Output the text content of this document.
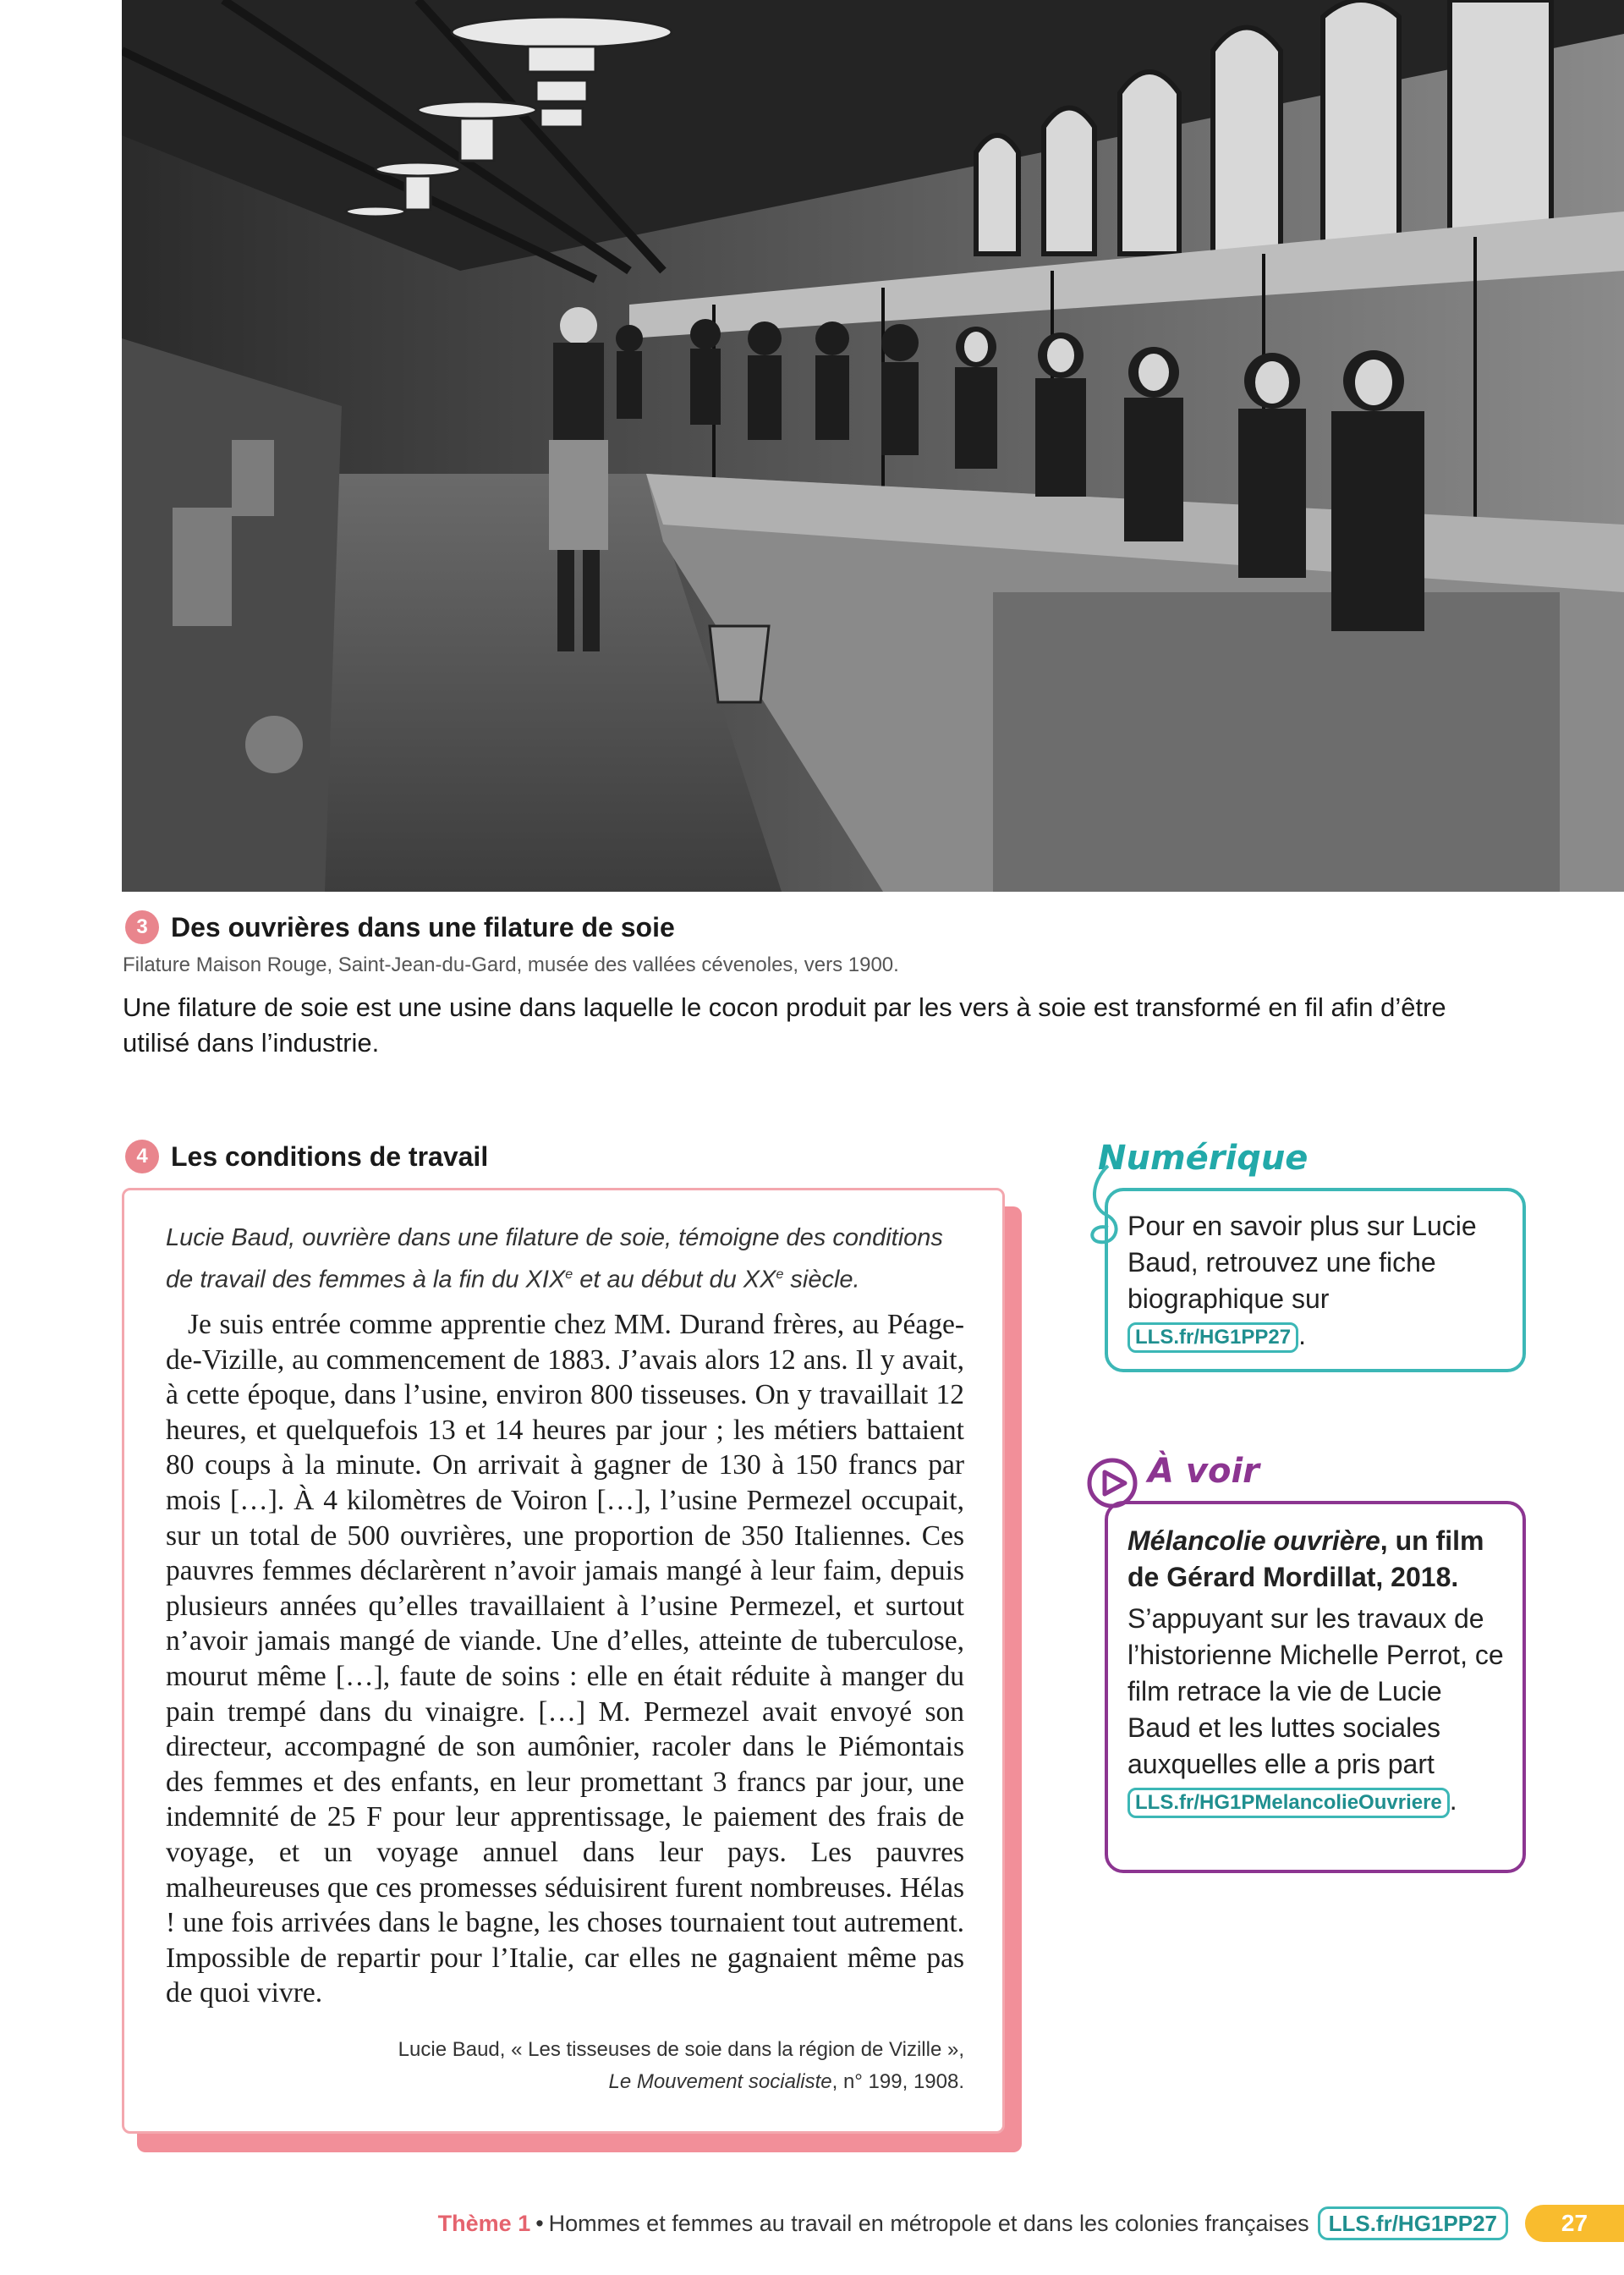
3 Des ouvrières dans une filature de soie
Filature Maison Rouge, Saint-Jean-du-Gard, musée des vallées cévenoles, vers 1900.
Une filature de soie est une usine dans laquelle le cocon produit par les vers à soie est transformé en fil afin d’être utilisé dans l’industrie.
4 Les conditions de travail
Lucie Baud, ouvrière dans une filature de soie, témoigne des conditions de travail des femmes à la fin du XIXe et au début du XXe siècle.

Je suis entrée comme apprentie chez MM. Durand frères, au Péage-de-Vizille, au commencement de 1883. J’avais alors 12 ans. Il y avait, à cette époque, dans l’usine, environ 800 tisseuses. On y travaillait 12 heures, et quelquefois 13 et 14 heures par jour ; les métiers battaient 80 coups à la minute. On arrivait à gagner de 130 à 150 francs par mois […]. À 4 kilomètres de Voiron […], l’usine Permezel occupait, sur un total de 500 ouvrières, une proportion de 350 Italiennes. Ces pauvres femmes déclarèrent n’avoir jamais mangé à leur faim, depuis plusieurs années qu’elles travaillaient à l’usine Permezel, et surtout n’avoir jamais mangé de viande. Une d’elles, atteinte de tuberculose, mourut même […], faute de soins : elle en était réduite à manger du pain trempé dans du vinaigre. […] M. Permezel avait envoyé son directeur, accompagné de son aumônier, racoler dans le Piémontais des femmes et des enfants, en leur promettant 3 francs par jour, une indemnité de 25 F pour leur apprentissage, le paiement des frais de voyage, et un voyage annuel dans leur pays. Les pauvres malheureuses que ces promesses séduisirent furent nombreuses. Hélas ! une fois arrivées dans le bagne, les choses tournaient tout autrement. Impossible de repartir pour l’Italie, car elles ne gagnaient même pas de quoi vivre.

Lucie Baud, « Les tisseuses de soie dans la région de Vizille »,
Le Mouvement socialiste, n° 199, 1908.
Numérique
Pour en savoir plus sur Lucie Baud, retrouvez une fiche biographique sur LLS.fr/HG1PP27 .
À voir
Mélancolie ouvrière, un film de Gérard Mordillat, 2018.
S’appuyant sur les travaux de l’historienne Michelle Perrot, ce film retrace la vie de Lucie Baud et les luttes sociales auxquelles elle a pris part LLS.fr/HG1PMelancolieOuvriere .
Thème 1 • Hommes et femmes au travail en métropole et dans les colonies françaises LLS.fr/HG1PP27	27
